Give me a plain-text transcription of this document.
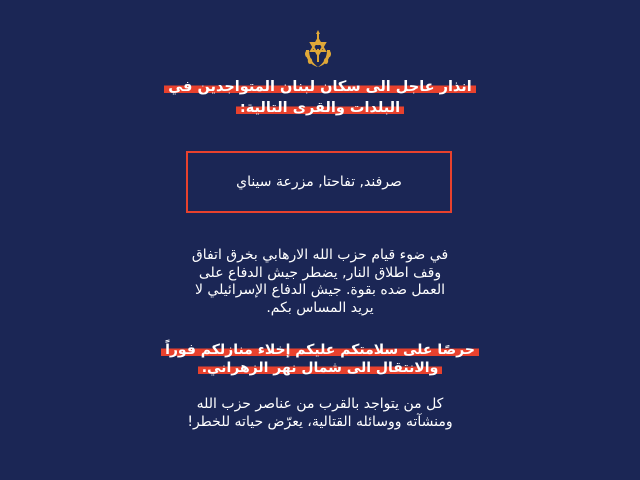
انذار عاجل الى سكان لبنان المتواجدين في
البلدات والقرى التالية:
صرفند, تفاحتا, مزرعة سيناي
في ضوء قيام حزب الله الارهابي بخرق اتفاق
وقف اطلاق النار, يضطر جيش الدفاع على
العمل ضده بقوة. جيش الدفاع الإسرائيلي لا
يريد المساس بكم.
حرصًا على سلامتكم عليكم إخلاء منازلكم فوراً
والانتقال الى شمال نهر الزهراني.
كل من يتواجد بالقرب من عناصر حزب الله
ومنشآته ووسائله القتالية، يعرّض حياته للخطر!
